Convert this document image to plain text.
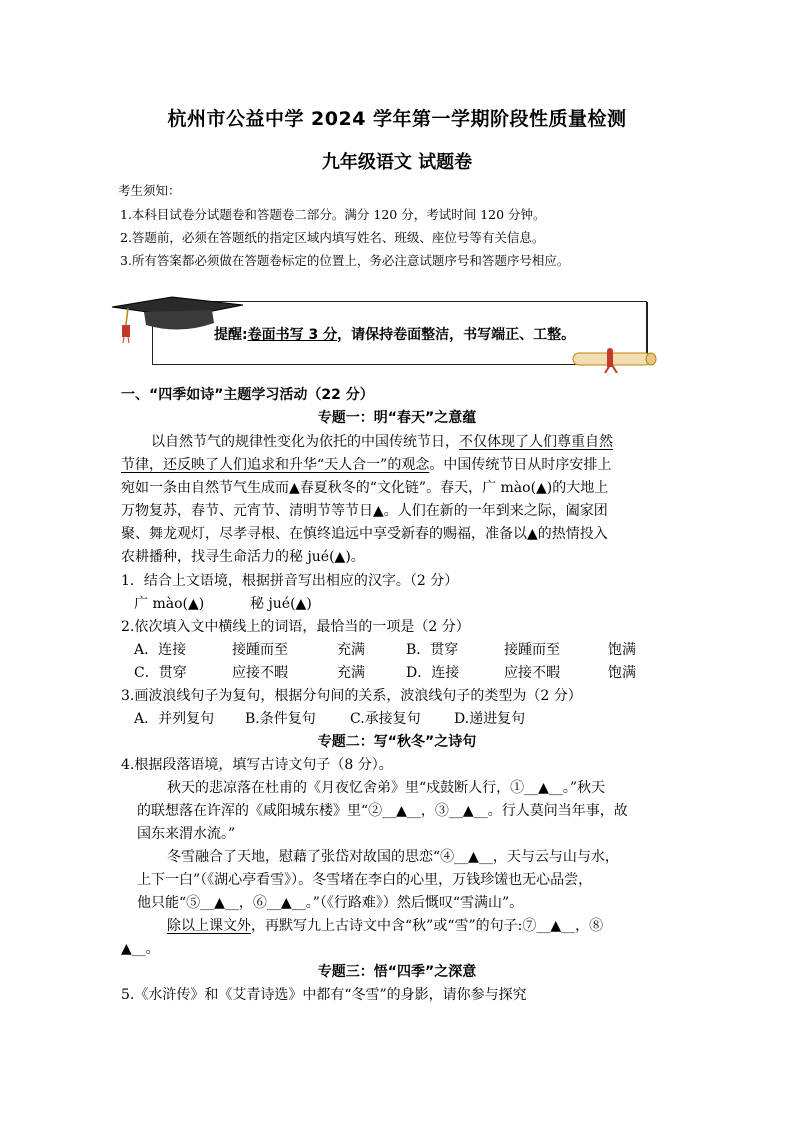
杭州市公益中学 2024 学年第一学期阶段性质量检测
九年级语文 试题卷
考生须知：
1.本科目试卷分试题卷和答题卷二部分。满分 120 分，考试时间 120 分钟。
2.答题前，必须在答题纸的指定区域内填写姓名、班级、座位号等有关信息。
3.所有答案都必须做在答题卷标定的位置上，务必注意试题序号和答题序号相应。
提醒:卷面书写 3 分，请保持卷面整洁，书写端正、工整。
一、“四季如诗”主题学习活动（22 分）
专题一：明“春天”之意蕴
以自然节气的规律性变化为依托的中国传统节日，不仅体现了人们尊重自然
节律，还反映了人们追求和升华“天人合一”的观念。中国传统节日从时序安排上
宛如一条由自然节气生成而▲春夏秋冬的“文化链”。春天，广 mào(▲)的大地上
万物复苏，春节、元宵节、清明节等节日▲。人们在新的一年到来之际，阖家团
聚、舞龙观灯，尽孝寻根、在慎终追远中享受新春的赐福，准备以▲的热情投入
农耕播种，找寻生命活力的秘 jué(▲)。
1．结合上文语境，根据拼音写出相应的汉字。（2 分）
广 mào(▲)	秘 jué(▲)
2.依次填入文中横线上的词语，最恰当的一项是（2 分）
A．连接	接踵而至	充满	B．贯穿	接踵而至	饱满
C．贯穿	应接不暇	充满	D．连接	应接不暇	饱满
3.画波浪线句子为复句，根据分句间的关系，波浪线句子的类型为（2 分）
A．并列复句 B.条件复句 C.承接复句 D.递进复句
专题二：写“秋冬”之诗句
4.根据段落语境，填写古诗文句子（8 分）。
秋天的悲凉落在杜甫的《月夜忆舍弟》里“戍鼓断人行，①__▲__。”秋天
的联想落在许浑的《咸阳城东楼》里“②__▲__，③__▲__。行人莫问当年事，故
国东来渭水流。”
冬雪融合了天地，慰藉了张岱对故国的思恋“④__▲__，天与云与山与水，
上下一白”（《湖心亭看雪》）。冬雪堵在李白的心里，万钱珍馐也无心品尝，
他只能“⑤__▲__，⑥__▲__。”（《行路难》）然后慨叹“雪满山”。
除以上课文外，再默写九上古诗文中含“秋”或“雪”的句子:⑦__▲__，⑧
▲__。
专题三：悟“四季”之深意
5.《水浒传》和《艾青诗选》中都有“冬雪”的身影，请你参与探究
